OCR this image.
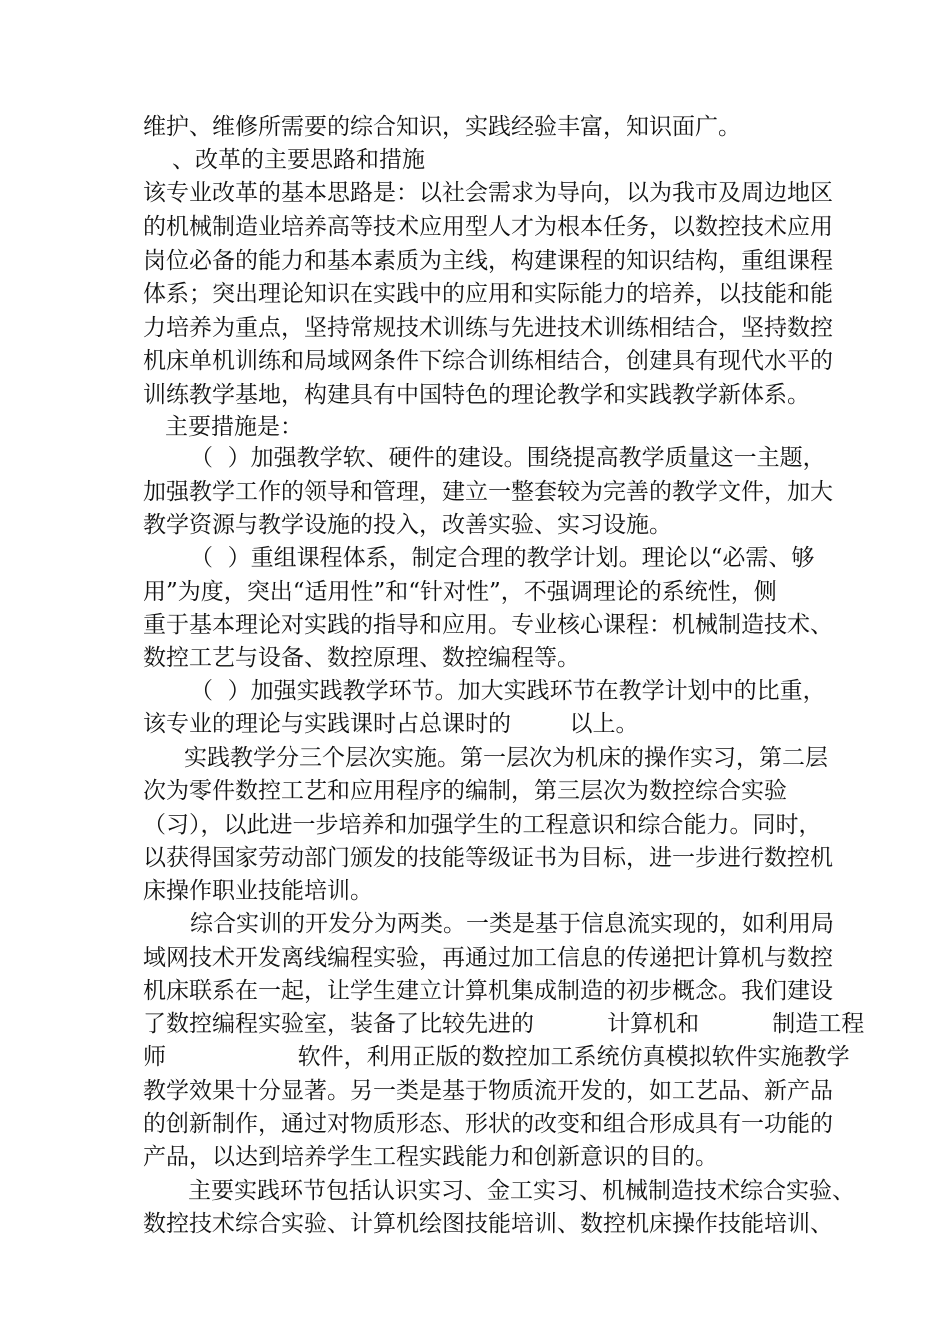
维护、维修所需要的综合知识，实践经验丰富，知识面广。
、改革的主要思路和措施
该专业改革的基本思路是：以社会需求为导向，以为我市及周边地区
的机械制造业培养高等技术应用型人才为根本任务，以数控技术应用
岗位必备的能力和基本素质为主线，构建课程的知识结构，重组课程
体系；突出理论知识在实践中的应用和实际能力的培养，以技能和能
力培养为重点，坚持常规技术训练与先进技术训练相结合，坚持数控
机床单机训练和局域网条件下综合训练相结合，创建具有现代水平的
训练教学基地，构建具有中国特色的理论教学和实践教学新体系。
主要措施是：
（  ）加强教学软、硬件的建设。围绕提高教学质量这一主题，
加强教学工作的领导和管理，建立一整套较为完善的教学文件，加大
教学资源与教学设施的投入，改善实验、实习设施。
（  ）重组课程体系，制定合理的教学计划。理论以“必需、够
用”为度，突出“适用性”和“针对性”，不强调理论的系统性，侧
重于基本理论对实践的指导和应用。专业核心课程：机械制造技术、
数控工艺与设备、数控原理、数控编程等。
（  ）加强实践教学环节。加大实践环节在教学计划中的比重，
该专业的理论与实践课时占总课时的        以上。
实践教学分三个层次实施。第一层次为机床的操作实习，第二层
次为零件数控工艺和应用程序的编制，第三层次为数控综合实验
（习），以此进一步培养和加强学生的工程意识和综合能力。同时，
以获得国家劳动部门颁发的技能等级证书为目标，进一步进行数控机
床操作职业技能培训。
综合实训的开发分为两类。一类是基于信息流实现的，如利用局
域网技术开发离线编程实验，再通过加工信息的传递把计算机与数控
机床联系在一起，让学生建立计算机集成制造的初步概念。我们建设
了数控编程实验室，装备了比较先进的          计算机和          制造工程
师                  软件，利用正版的数控加工系统仿真模拟软件实施教学
教学效果十分显著。另一类是基于物质流开发的，如工艺品、新产品
的创新制作，通过对物质形态、形状的改变和组合形成具有一功能的
产品，以达到培养学生工程实践能力和创新意识的目的。
主要实践环节包括认识实习、金工实习、机械制造技术综合实验、
数控技术综合实验、计算机绘图技能培训、数控机床操作技能培训、
